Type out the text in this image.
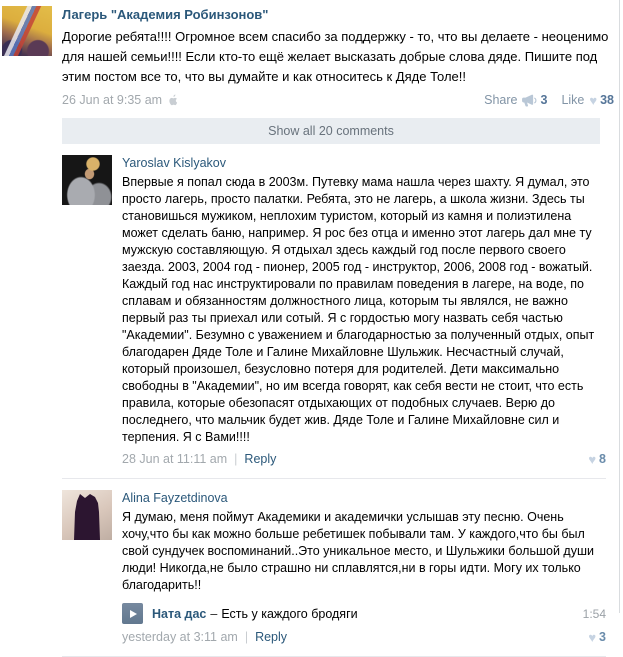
Лагерь "Академия Робинзонов"
Дорогие ребята!!!! Огромное всем спасибо за поддержку - то, что вы делаете - неоценимо для нашей семьи!!!! Если кто-то ещё желает высказать добрые слова дяде. Пишите под этим постом все то, что вы думайте и как относитесь к Дяде Толе!!
26 Jun at 9:35 am	Share 3 Like ♥ 38
Show all 20 comments
Yaroslav Kislyakov
Впервые я попал сюда в 2003м. Путевку мама нашла через шахту. Я думал, это просто лагерь, просто палатки. Ребята, это не лагерь, а школа жизни. Здесь ты становишься мужиком, неплохим туристом, который из камня и полиэтилена может сделать баню, например. Я рос без отца и именно этот лагерь дал мне ту мужскую составляющую. Я отдыхал здесь каждый год после первого своего заезда. 2003, 2004 год - пионер, 2005 год - инструктор, 2006, 2008 год - вожатый. Каждый год нас инструктировали по правилам поведения в лагере, на воде, по сплавам и обязанностям должностного лица, которым ты являлся, не важно первый раз ты приехал или сотый. Я с гордостью могу назвать себя частью "Академии". Безумно с уважением и благодарностью за полученный отдых, опыт благодарен Дяде Толе и Галине Михайловне Шульжик. Несчастный случай, который произошел, безусловно потеря для родителей. Дети максимально свободны в "Академии", но им всегда говорят, как себя вести не стоит, что есть правила, которые обезопасят отдыхающих от подобных случаев. Верю до последнего, что мальчик будет жив. Дяде Толе и Галине Михайловне сил и терпения. Я с Вами!!!!
28 Jun at 11:11 am | Reply	♥ 8
Alina Fayzetdinova
Я думаю, меня поймут Академики и академички услышав эту песню. Очень хочу,что бы как можно больше ребетишек побывали там. У каждого,что бы был свой сундучек воспоминаний..Это уникальное место, и Шульжики большой души люди! Никогда,не было страшно ни сплавлятся,ни в горы идти. Могу их только благодарить!!
Ната дас – Есть у каждого бродяги	1:54
yesterday at 3:11 am | Reply	♥ 3
